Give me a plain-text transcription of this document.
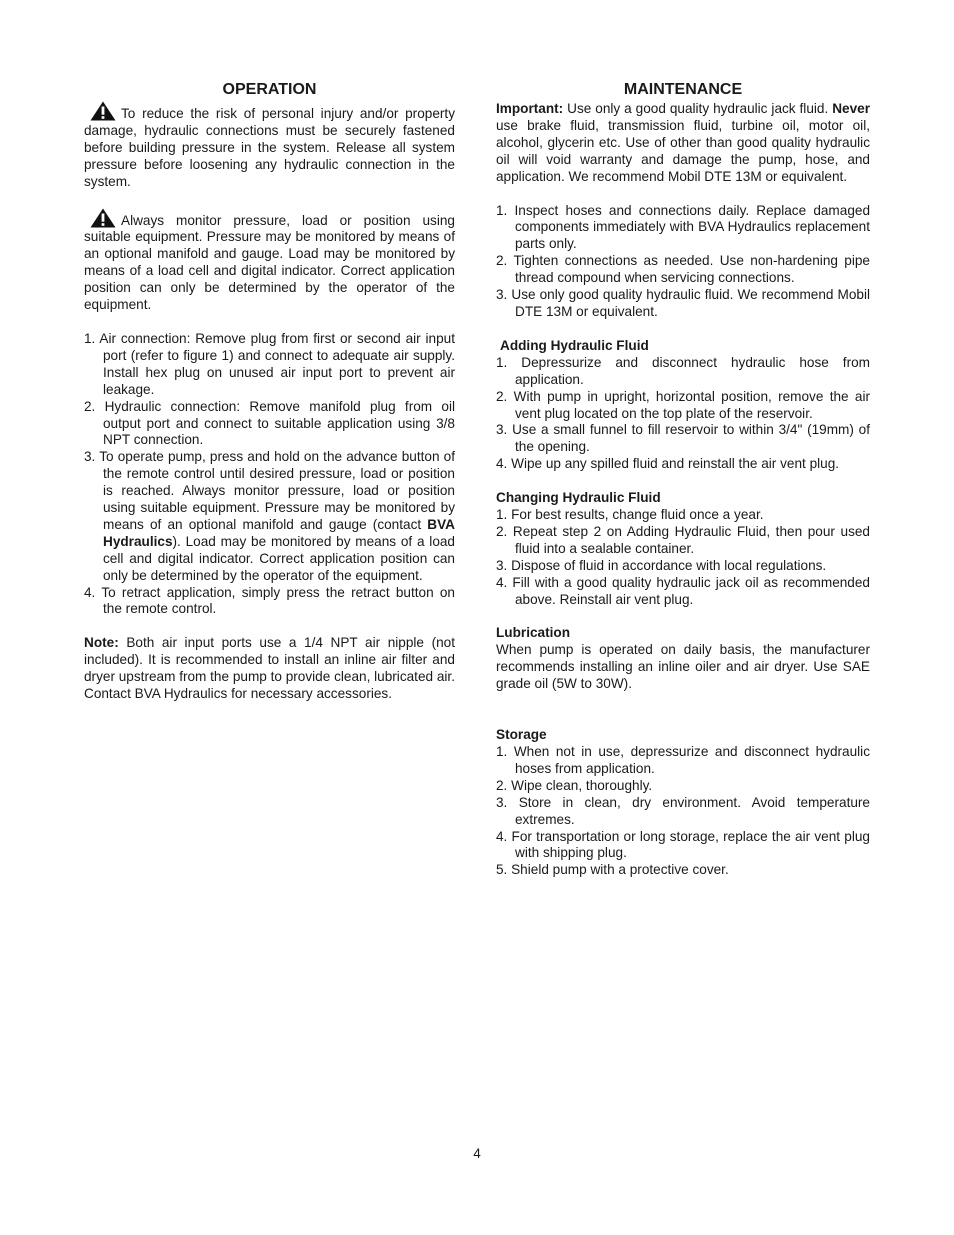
OPERATION

To reduce the risk of personal injury and/or property damage, hydraulic connections must be securely fastened before building pressure in the system. Release all system pressure before loosening any hydraulic connection in the system.

Always monitor pressure, load or position using suitable equipment. Pressure may be monitored by means of an optional manifold and gauge. Load may be monitored by means of a load cell and digital indicator. Correct application position can only be determined by the operator of the equipment.

1. Air connection: Remove plug from first or second air input port (refer to figure 1) and connect to adequate air supply. Install hex plug on unused air input port to prevent air leakage.
2. Hydraulic connection: Remove manifold plug from oil output port and connect to suitable application using 3/8 NPT connection.
3. To operate pump, press and hold on the advance button of the remote control until desired pressure, load or position is reached. Always monitor pressure, load or position using suitable equipment. Pressure may be monitored by means of an optional manifold and gauge (contact BVA Hydraulics). Load may be monitored by means of a load cell and digital indicator. Correct application position can only be determined by the operator of the equipment.
4. To retract application, simply press the retract button on the remote control.

Note: Both air input ports use a 1/4 NPT air nipple (not included). It is recommended to install an inline air filter and dryer upstream from the pump to provide clean, lubricated air. Contact BVA Hydraulics for necessary accessories.

MAINTENANCE

Important: Use only a good quality hydraulic jack fluid. Never use brake fluid, transmission fluid, turbine oil, motor oil, alcohol, glycerin etc. Use of other than good quality hydraulic oil will void warranty and damage the pump, hose, and application. We recommend Mobil DTE 13M or equivalent.

1. Inspect hoses and connections daily. Replace damaged components immediately with BVA Hydraulics replacement parts only.
2. Tighten connections as needed. Use non-hardening pipe thread compound when servicing connections.
3. Use only good quality hydraulic fluid. We recommend Mobil DTE 13M or equivalent.

Adding Hydraulic Fluid

1. Depressurize and disconnect hydraulic hose from application.
2. With pump in upright, horizontal position, remove the air vent plug located on the top plate of the reservoir.
3. Use a small funnel to fill reservoir to within 3/4" (19mm) of the opening.
4. Wipe up any spilled fluid and reinstall the air vent plug.

Changing Hydraulic Fluid

1. For best results, change fluid once a year.
2. Repeat step 2 on Adding Hydraulic Fluid, then pour used fluid into a sealable container.
3. Dispose of fluid in accordance with local regulations.
4. Fill with a good quality hydraulic jack oil as recommended above. Reinstall air vent plug.

Lubrication

When pump is operated on daily basis, the manufacturer recommends installing an inline oiler and air dryer. Use SAE grade oil (5W to 30W).

Storage

1. When not in use, depressurize and disconnect hydraulic hoses from application.
2. Wipe clean, thoroughly.
3. Store in clean, dry environment. Avoid temperature extremes.
4. For transportation or long storage, replace the air vent plug with shipping plug.
5. Shield pump with a protective cover.
4
